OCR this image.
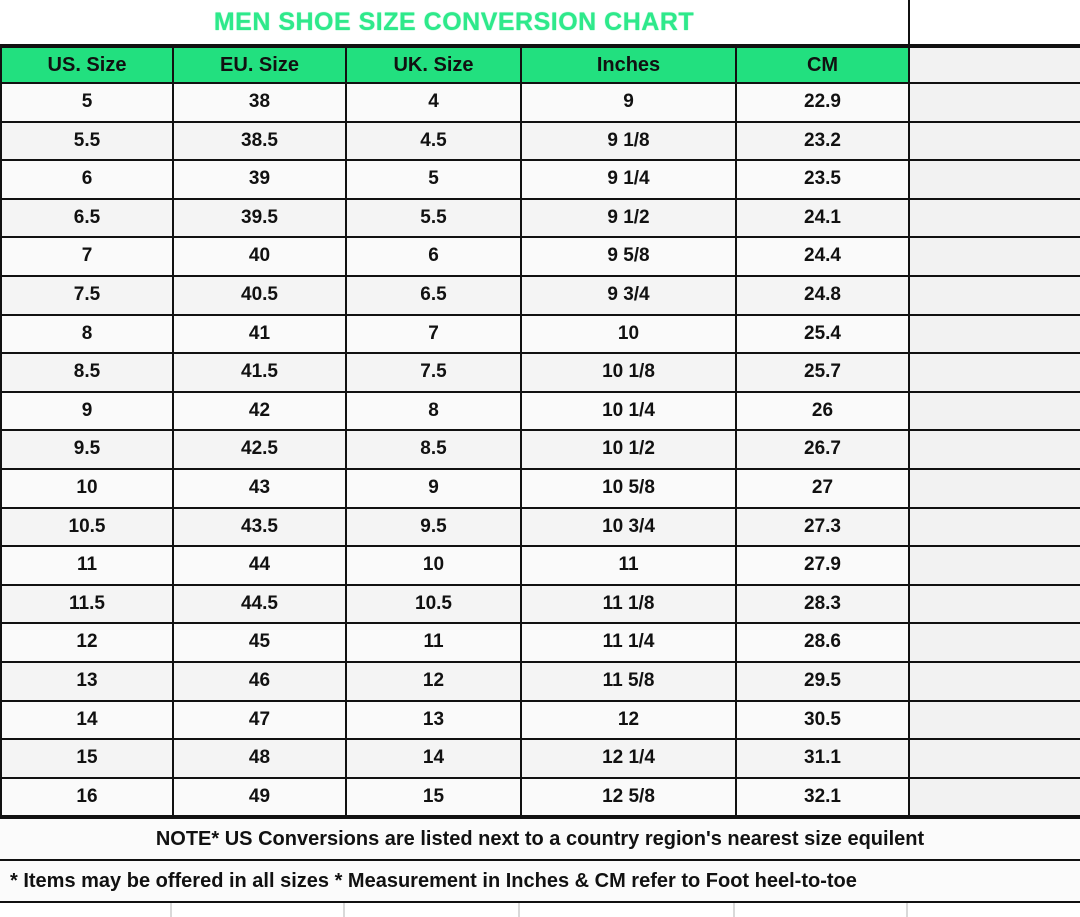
MEN SHOE SIZE CONVERSION CHART
US. Size	EU. Size	UK. Size	Inches	CM	
5	38	4	9	22.9	
5.5	38.5	4.5	9 1/8	23.2	
6	39	5	9 1/4	23.5	
6.5	39.5	5.5	9 1/2	24.1	
7	40	6	9 5/8	24.4	
7.5	40.5	6.5	9 3/4	24.8	
8	41	7	10	25.4	
8.5	41.5	7.5	10 1/8	25.7	
9	42	8	10 1/4	26	
9.5	42.5	8.5	10 1/2	26.7	
10	43	9	10 5/8	27	
10.5	43.5	9.5	10 3/4	27.3	
11	44	10	11	27.9	
11.5	44.5	10.5	11 1/8	28.3	
12	45	11	11 1/4	28.6	
13	46	12	11 5/8	29.5	
14	47	13	12	30.5	
15	48	14	12 1/4	31.1	
16	49	15	12 5/8	32.1	
NOTE* US Conversions are listed next to a country region's nearest size equilent
* Items may be offered in all sizes * Measurement in Inches & CM refer to Foot heel-to-toe
